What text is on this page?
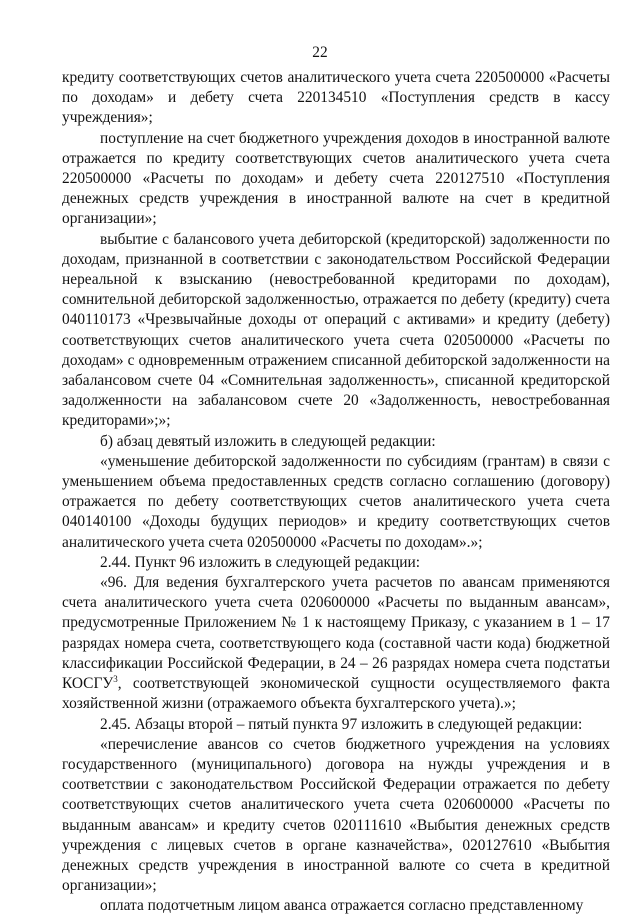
22

кредиту соответствующих счетов аналитического учета счета 220500000 «Расчеты по доходам» и дебету счета 220134510 «Поступления средств в кассу учреждения»;

поступление на счет бюджетного учреждения доходов в иностранной валюте отражается по кредиту соответствующих счетов аналитического учета счета 220500000 «Расчеты по доходам» и дебету счета 220127510 «Поступления денежных средств учреждения в иностранной валюте на счет в кредитной организации»;

выбытие с балансового учета дебиторской (кредиторской) задолженности по доходам, признанной в соответствии с законодательством Российской Федерации нереальной к взысканию (невостребованной кредиторами по доходам), сомнительной дебиторской задолженностью, отражается по дебету (кредиту) счета 040110173 «Чрезвычайные доходы от операций с активами» и кредиту (дебету) соответствующих счетов аналитического учета счета 020500000 «Расчеты по доходам» с одновременным отражением списанной дебиторской задолженности на забалансовом счете 04 «Сомнительная задолженность», списанной кредиторской задолженности на забалансовом счете 20 «Задолженность, невостребованная кредиторами»;»;

б) абзац девятый изложить в следующей редакции:

«уменьшение дебиторской задолженности по субсидиям (грантам) в связи с уменьшением объема предоставленных средств согласно соглашению (договору) отражается по дебету соответствующих счетов аналитического учета счета 040140100 «Доходы будущих периодов» и кредиту соответствующих счетов аналитического учета счета 020500000 «Расчеты по доходам».»;

2.44. Пункт 96 изложить в следующей редакции:

«96. Для ведения бухгалтерского учета расчетов по авансам применяются счета аналитического учета счета 020600000 «Расчеты по выданным авансам», предусмотренные Приложением № 1 к настоящему Приказу, с указанием в 1 – 17 разрядах номера счета, соответствующего кода (составной части кода) бюджетной классификации Российской Федерации, в 24 – 26 разрядах номера счета подстатьи КОСГУ$^3$, соответствующей экономической сущности осуществляемого факта хозяйственной жизни (отражаемого объекта бухгалтерского учета).»;

2.45. Абзацы второй – пятый пункта 97 изложить в следующей редакции:

«перечисление авансов со счетов бюджетного учреждения на условиях государственного (муниципального) договора на нужды учреждения и в соответствии с законодательством Российской Федерации отражается по дебету соответствующих счетов аналитического учета счета 020600000 «Расчеты по выданным авансам» и кредиту счетов 020111610 «Выбытия денежных средств учреждения с лицевых счетов в органе казначейства», 020127610 «Выбытия денежных средств учреждения в иностранной валюте со счета в кредитной организации»;

оплата подотчетным лицом аванса отражается согласно представленному
